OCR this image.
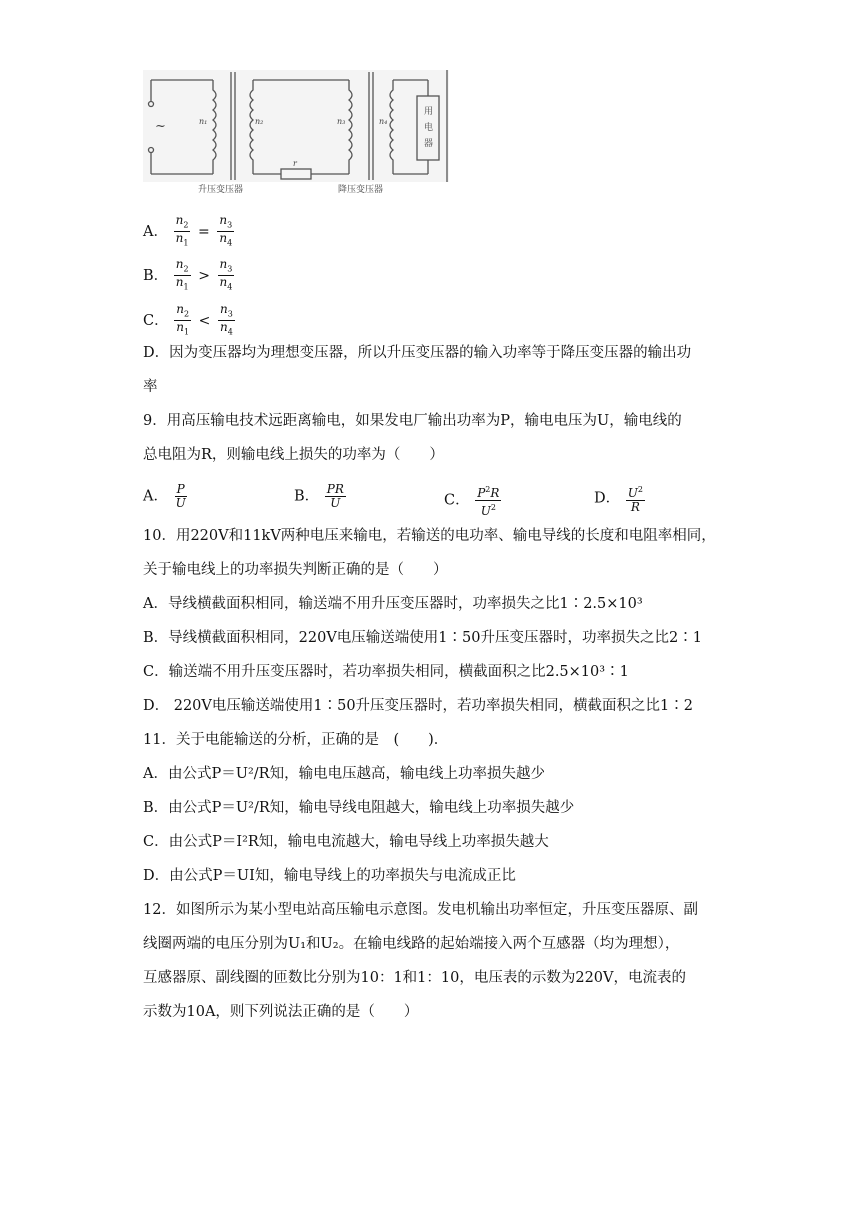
~	n₁	n₂	n₃	n₄
r
用
电
器
升压变压器	降压变压器
A． $\frac{n_2}{n_1} = \frac{n_3}{n_4}$
B． $\frac{n_2}{n_1} > \frac{n_3}{n_4}$
C． $\frac{n_2}{n_1} < \frac{n_3}{n_4}$
D．因为变压器均为理想变压器，所以升压变压器的输入功率等于降压变压器的输出功
率
9．用高压输电技术远距离输电，如果发电厂输出功率为P，输电电压为U，输电线的
总电阻为R，则输电线上损失的功率为（　　）
A． $\frac{P}{U}$	B． $\frac{PR}{U}$	C． $\frac{P^2R}{U^2}$	D． $\frac{U^2}{R}$
10．用220V和11kV两种电压来输电，若输送的电功率、输电导线的长度和电阻率相同，
关于输电线上的功率损失判断正确的是（　　）
A．导线横截面积相同，输送端不用升压变压器时，功率损失之比1∶2.5×10³
B．导线横截面积相同，220V电压输送端使用1∶50升压变压器时，功率损失之比2∶1
C．输送端不用升压变压器时，若功率损失相同，横截面积之比2.5×10³∶1
D． 220V电压输送端使用1∶50升压变压器时，若功率损失相同，横截面积之比1∶2
11．关于电能输送的分析，正确的是　(　　)．
A．由公式P＝U²/R知，输电电压越高，输电线上功率损失越少
B．由公式P＝U²/R知，输电导线电阻越大，输电线上功率损失越少
C．由公式P＝I²R知，输电电流越大，输电导线上功率损失越大
D．由公式P＝UI知，输电导线上的功率损失与电流成正比
12．如图所示为某小型电站高压输电示意图。发电机输出功率恒定，升压变压器原、副
线圈两端的电压分别为U₁和U₂。在输电线路的起始端接入两个互感器（均为理想），
互感器原、副线圈的匝数比分别为10：1和1：10，电压表的示数为220V，电流表的
示数为10A，则下列说法正确的是（　　）
